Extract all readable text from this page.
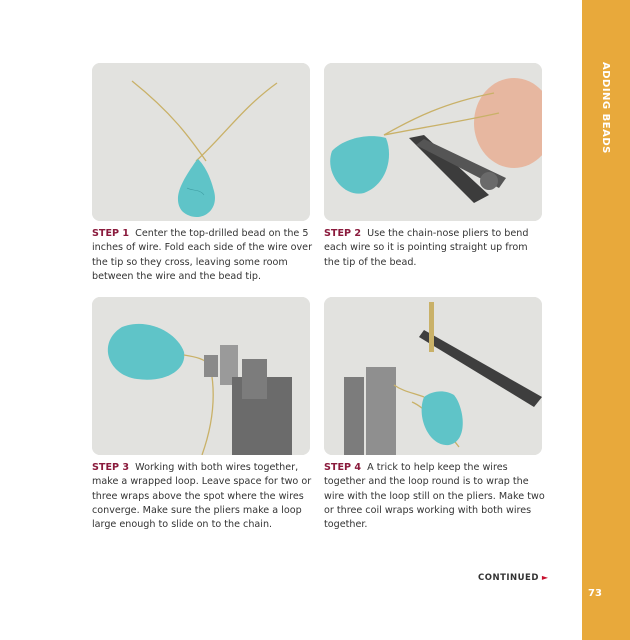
ADDING BEADS
73
STEP 1 Center the top-drilled bead on the 5 inches of wire. Fold each side of the wire over the tip so they cross, leaving some room between the wire and the bead tip.
STEP 2 Use the chain-nose pliers to bend each wire so it is pointing straight up from the tip of the bead.
STEP 3 Working with both wires together, make a wrapped loop. Leave space for two or three wraps above the spot where the wires converge. Make sure the pliers make a loop large enough to slide on to the chain.
STEP 4 A trick to help keep the wires together and the loop round is to wrap the wire with the loop still on the pliers. Make two or three coil wraps working with both wires together.
CONTINUED ►
